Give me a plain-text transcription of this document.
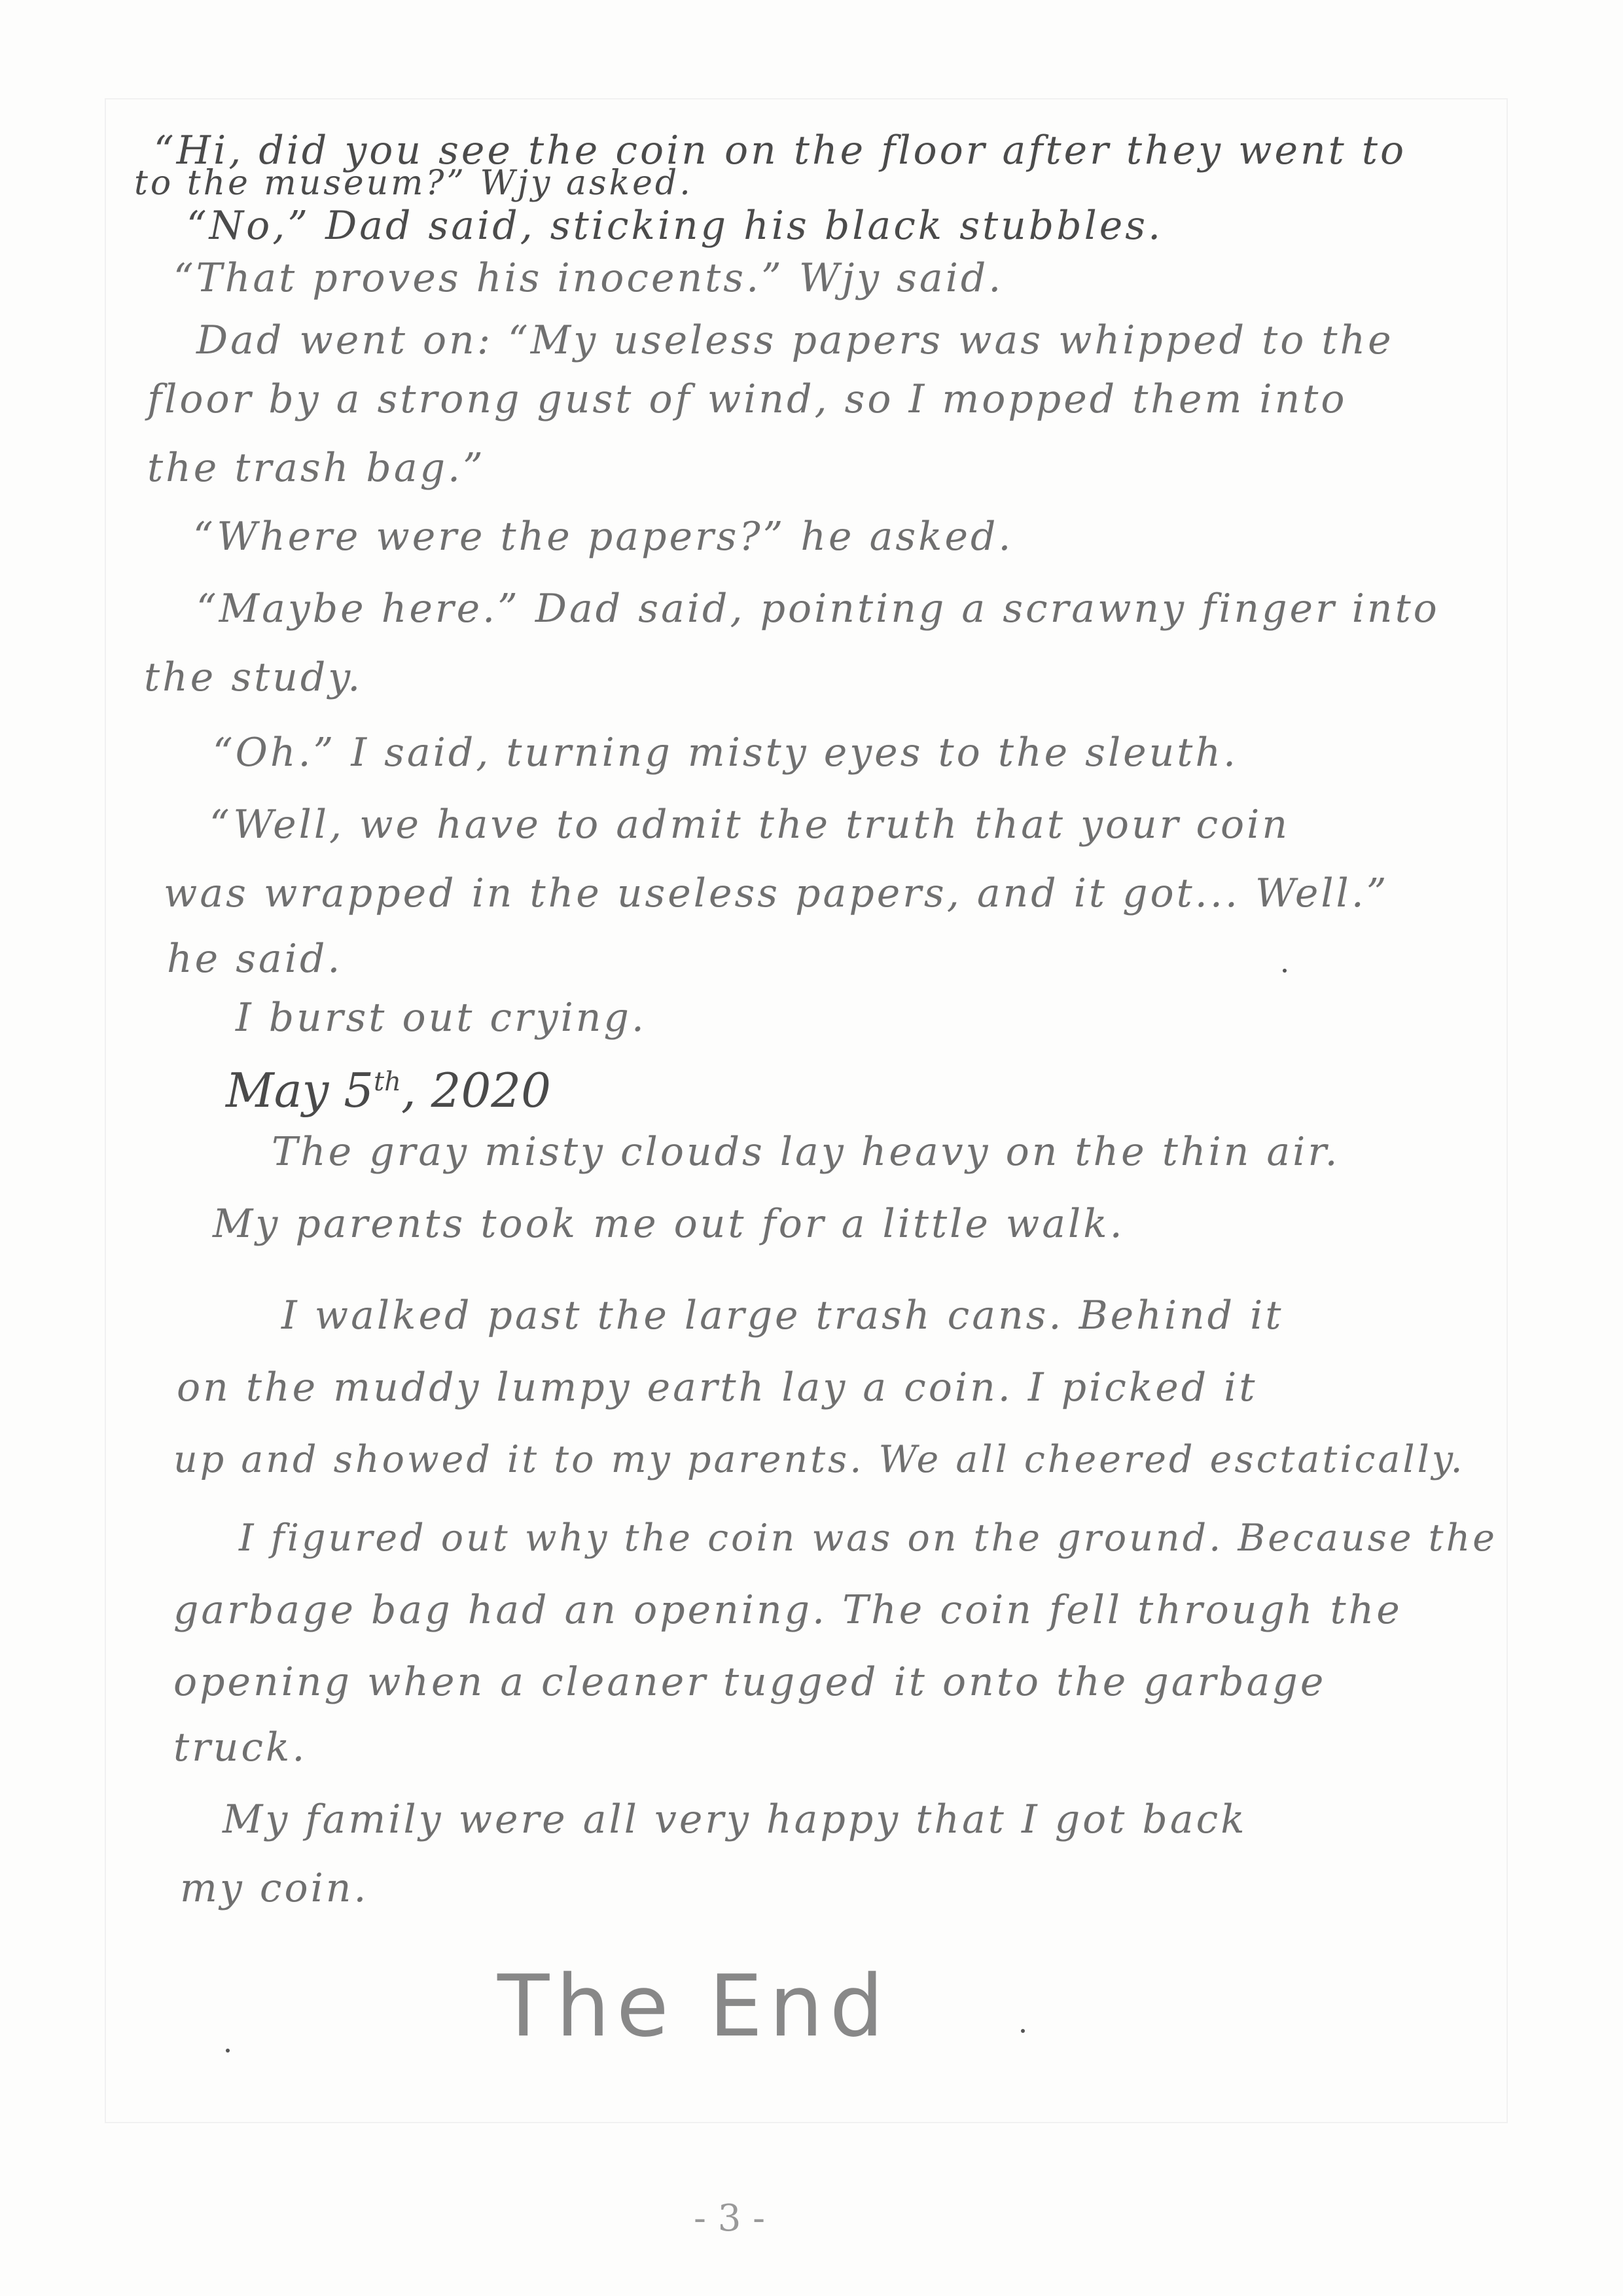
“Hi, did you see the coin on the floor after they went to
to the museum?” Wjy asked.
“No,” Dad said, sticking his black stubbles.
“That proves his inocents.” Wjy said.
Dad went on: “My useless papers was whipped to the
floor by a strong gust of wind, so I mopped them into
the trash bag.”
“Where were the papers?” he asked.
“Maybe here.” Dad said, pointing a scrawny finger into
the study.
“Oh.” I said, turning misty eyes to the sleuth.
“Well, we have to admit the truth that your coin
was wrapped in the useless papers, and it got... Well.”
he said.
I burst out crying.
May 5th, 2020
The gray misty clouds lay heavy on the thin air.
My parents took me out for a little walk.
I walked past the large trash cans. Behind it
on the muddy lumpy earth lay a coin. I picked it
up and showed it to my parents. We all cheered esctatically.
I figured out why the coin was on the ground. Because the
garbage bag had an opening. The coin fell through the
opening when a cleaner tugged it onto the garbage
truck.
My family were all very happy that I got back
my coin.
The End
- 3 -
